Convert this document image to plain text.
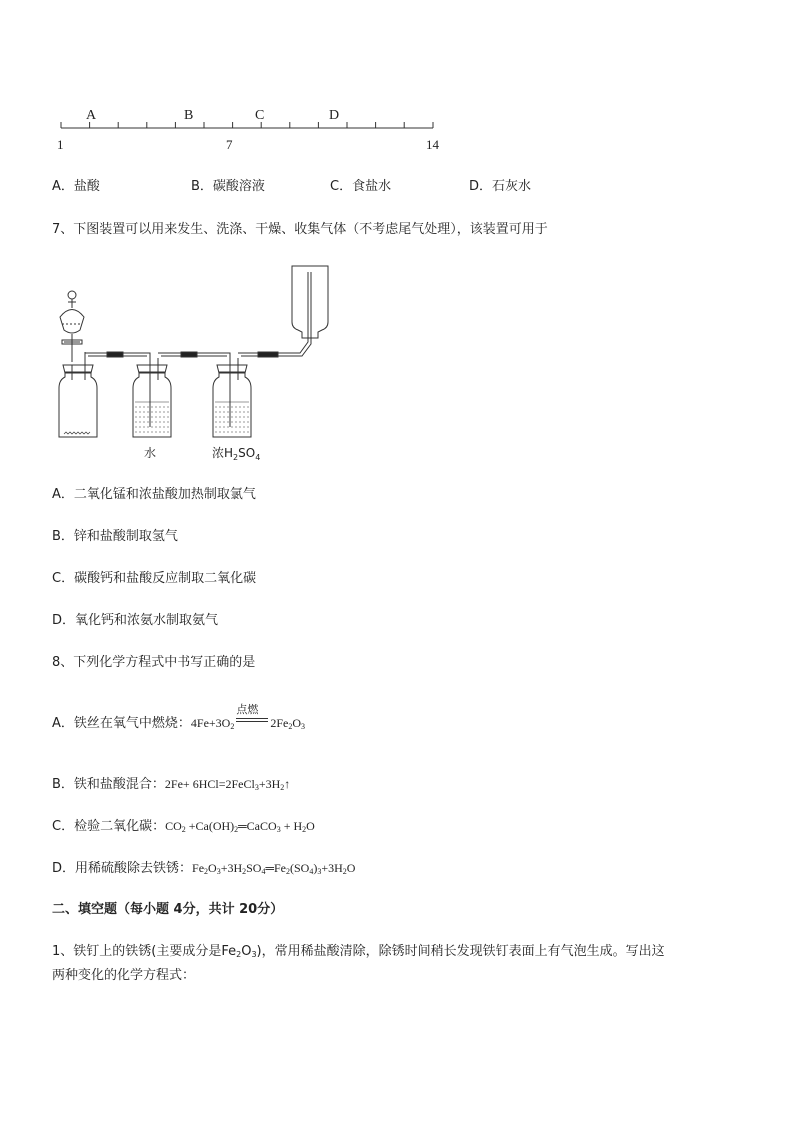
A	B	C	D
1	7	14
A．盐酸	B．碳酸溶液	C．食盐水	D．石灰水
7、下图装置可以用来发生、洗涤、干燥、收集气体（不考虑尾气处理），该装置可用于
水	浓$H_2SO_4$
A．二氧化锰和浓盐酸加热制取氯气
B．锌和盐酸制取氢气
C．碳酸钙和盐酸反应制取二氧化碳
D．氧化钙和浓氨水制取氨气
8、下列化学方程式中书写正确的是
A．铁丝在氧气中燃烧：$4Fe+3O_2$
点燃
$2Fe_2O_3$
B．铁和盐酸混合：$2Fe+ 6HCl=2FeCl_3+3H_2↑$
C．检验二氧化碳：$CO_2$ $+Ca(OH)_2═CaCO_3 + H_2O$
D．用稀硫酸除去铁锈：$Fe_2O_3+3H_2SO_4═Fe_2(SO_4)_3+3H_2O$
二、填空题（每小题 4分，共计 20分）
1、铁钉上的铁锈(主要成分是$Fe_2O_3$)，常用稀盐酸清除，除锈时间稍长发现铁钉表面上有气泡生成。写出这
两种变化的化学方程式：
